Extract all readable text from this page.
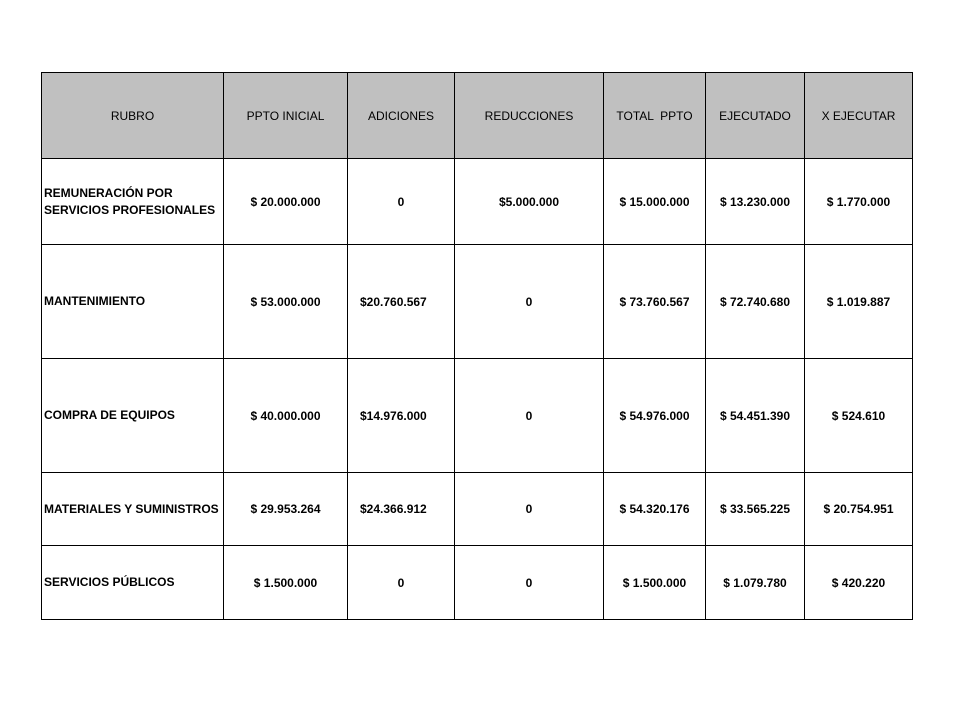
RUBRO	PPTO INICIAL	ADICIONES	REDUCCIONES	TOTAL  PPTO	EJECUTADO	X EJECUTAR
REMUNERACIÓN POR SERVICIOS PROFESIONALES	$ 20.000.000	0	$5.000.000	$ 15.000.000	$ 13.230.000	$ 1.770.000
MANTENIMIENTO	$ 53.000.000	$20.760.567	0	$ 73.760.567	$ 72.740.680	$ 1.019.887
COMPRA DE EQUIPOS	$ 40.000.000	$14.976.000	0	$ 54.976.000	$ 54.451.390	$ 524.610
MATERIALES Y SUMINISTROS	$ 29.953.264	$24.366.912	0	$ 54.320.176	$ 33.565.225	$ 20.754.951
SERVICIOS PÚBLICOS	$ 1.500.000	0	0	$ 1.500.000	$ 1.079.780	$ 420.220
